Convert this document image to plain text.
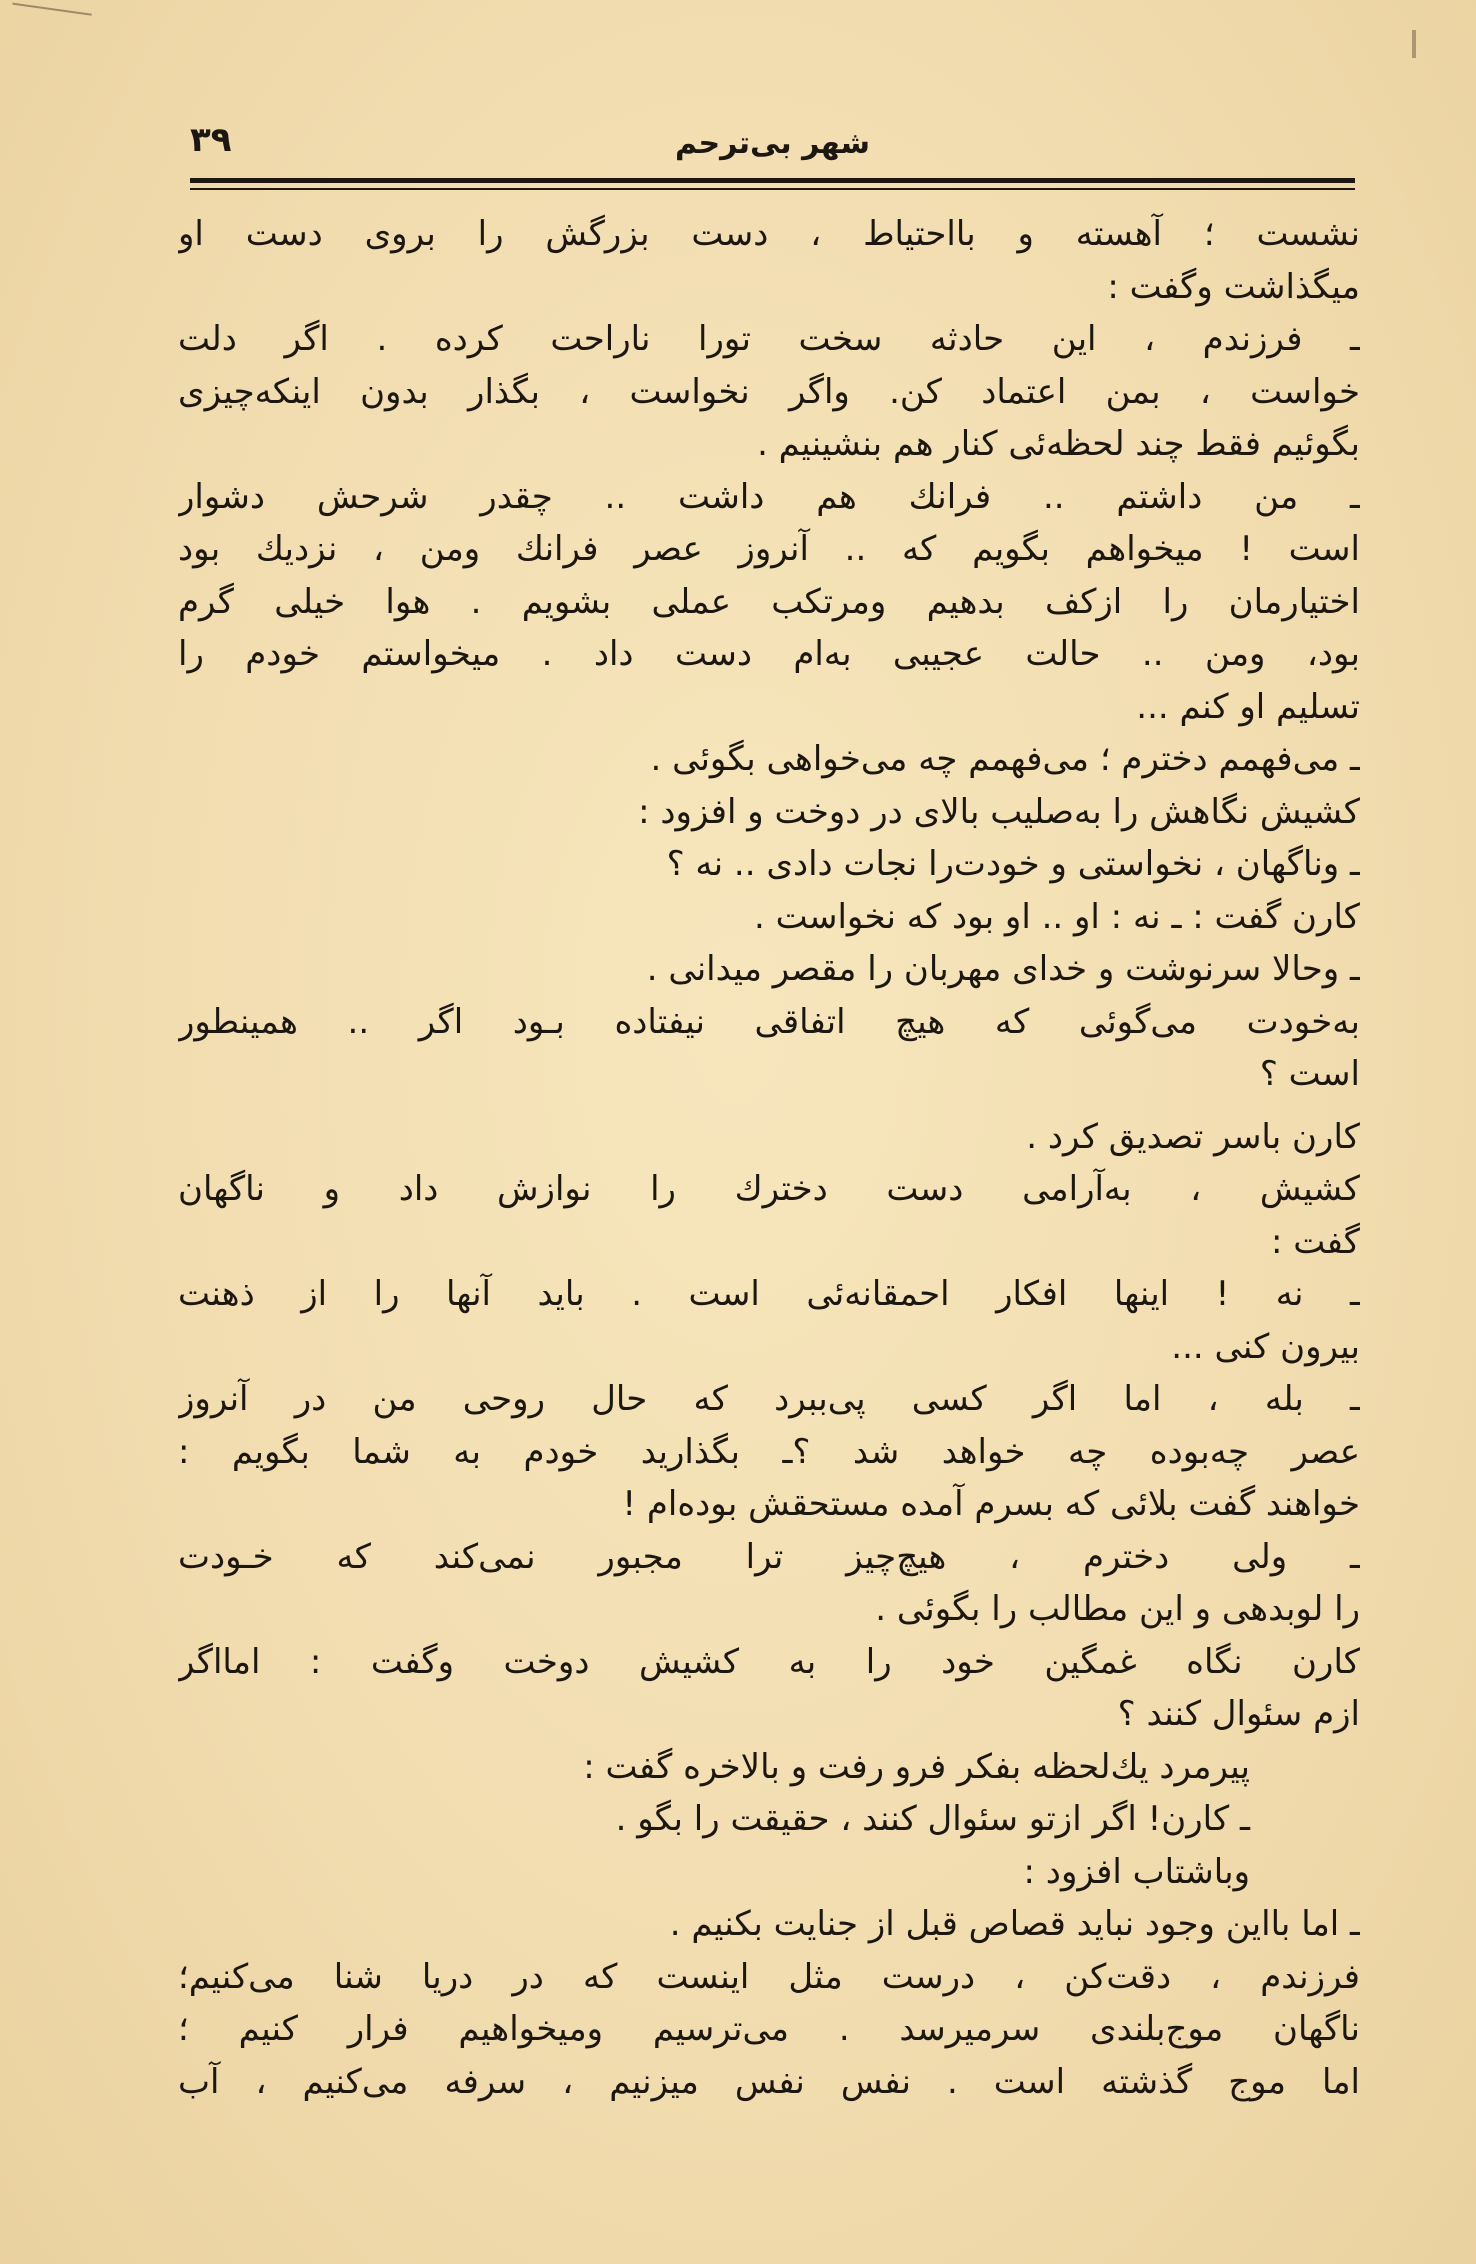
۳۹	شهر بی‌ترحم
نشست ؛ آهسته و بااحتیاط ، دست بزرگش را بروی دست او
میگذاشت وگفت :
ـ فرزندم ، این حادثه سخت تورا ناراحت کرده . اگر دلت
خواست ، بمن اعتماد کن. واگر نخواست ، بگذار بدون اینکه‌چیزی
بگوئیم فقط چند لحظه‌ئی کنار هم بنشینیم .
ـ من داشتم .. فرانك هم داشت .. چقدر شرحش دشوار
است ! میخواهم بگویم که .. آنروز عصر فرانك ومن ، نزدیك بود
اختیارمان را ازکف بدهیم ومرتکب عملی بشویم . هوا خیلی گرم
بود، ومن .. حالت عجیبی به‌ام دست داد . میخواستم خودم را
تسلیم او کنم ...
ـ می‌فهمم دخترم ؛ می‌فهمم چه می‌خواهی بگوئی .
کشیش نگاهش را به‌صلیب بالای در دوخت و افزود :
ـ وناگهان ، نخواستی و خودت‌را نجات دادی .. نه ؟
کارن گفت : ـ نه : او .. او بود که نخواست .
ـ وحالا سرنوشت و خدای مهربان را مقصر میدانی .
به‌خودت می‌گوئی که هیچ اتفاقی نیفتاده بـود اگر .. همینطور
است ؟
کارن باسر تصدیق کرد .
کشیش ، به‌آرامی دست دخترك را نوازش داد و ناگهان
گفت :
ـ نه ! اینها افکار احمقانه‌ئی است . باید آنها را از ذهنت
بیرون کنی ...
ـ بله ، اما اگر کسی پی‌ببرد که حال روحی من در آنروز
عصر چه‌بوده چه خواهد شد ؟ـ بگذارید خودم به شما بگویم :
خواهند گفت بلائی که بسرم آمده مستحقش بوده‌ام !
ـ ولی دخترم ، هیچ‌چیز ترا مجبور نمی‌کند که خـودت
را لوبدهی و این مطالب را بگوئی .
کارن نگاه غمگین خود را به کشیش دوخت وگفت : امااگر
ازم سئوال کنند ؟
پیرمرد یك‌لحظه بفکر فرو رفت و بالاخره گفت :
ـ کارن! اگر ازتو سئوال کنند ، حقیقت را بگو .
وباشتاب افزود :
ـ اما بااین وجود نباید قصاص قبل از جنایت بکنیم .
فرزندم ، دقت‌کن ، درست مثل اینست که در دریا شنا می‌کنیم؛
ناگهان موج‌بلندی سرمیرسد . می‌ترسیم ومیخواهیم فرار کنیم ؛
اما موج گذشته است . نفس نفس میزنیم ، سرفه می‌کنیم ، آب
